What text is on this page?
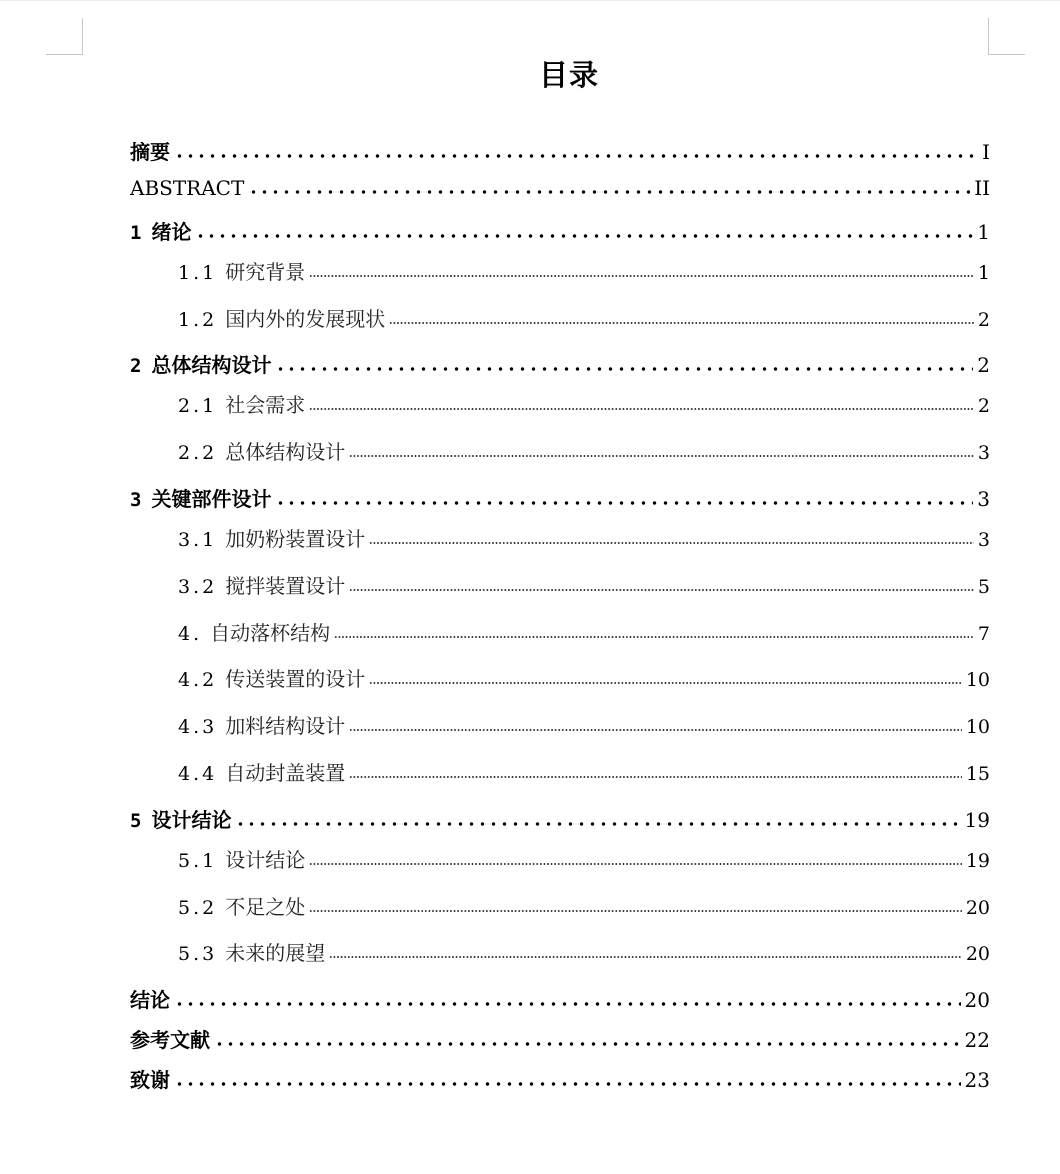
目录
摘要	I
ABSTRACT	II
1 绪论	1
1.1 研究背景	1
1.2 国内外的发展现状	2
2 总体结构设计	2
2.1 社会需求	2
2.2 总体结构设计	3
3 关键部件设计	3
3.1 加奶粉装置设计	3
3.2 搅拌装置设计	5
4. 自动落杯结构	7
4.2 传送装置的设计	10
4.3 加料结构设计	10
4.4 自动封盖装置	15
5 设计结论	19
5.1 设计结论	19
5.2 不足之处	20
5.3 未来的展望	20
结论	20
参考文献	22
致谢	23
